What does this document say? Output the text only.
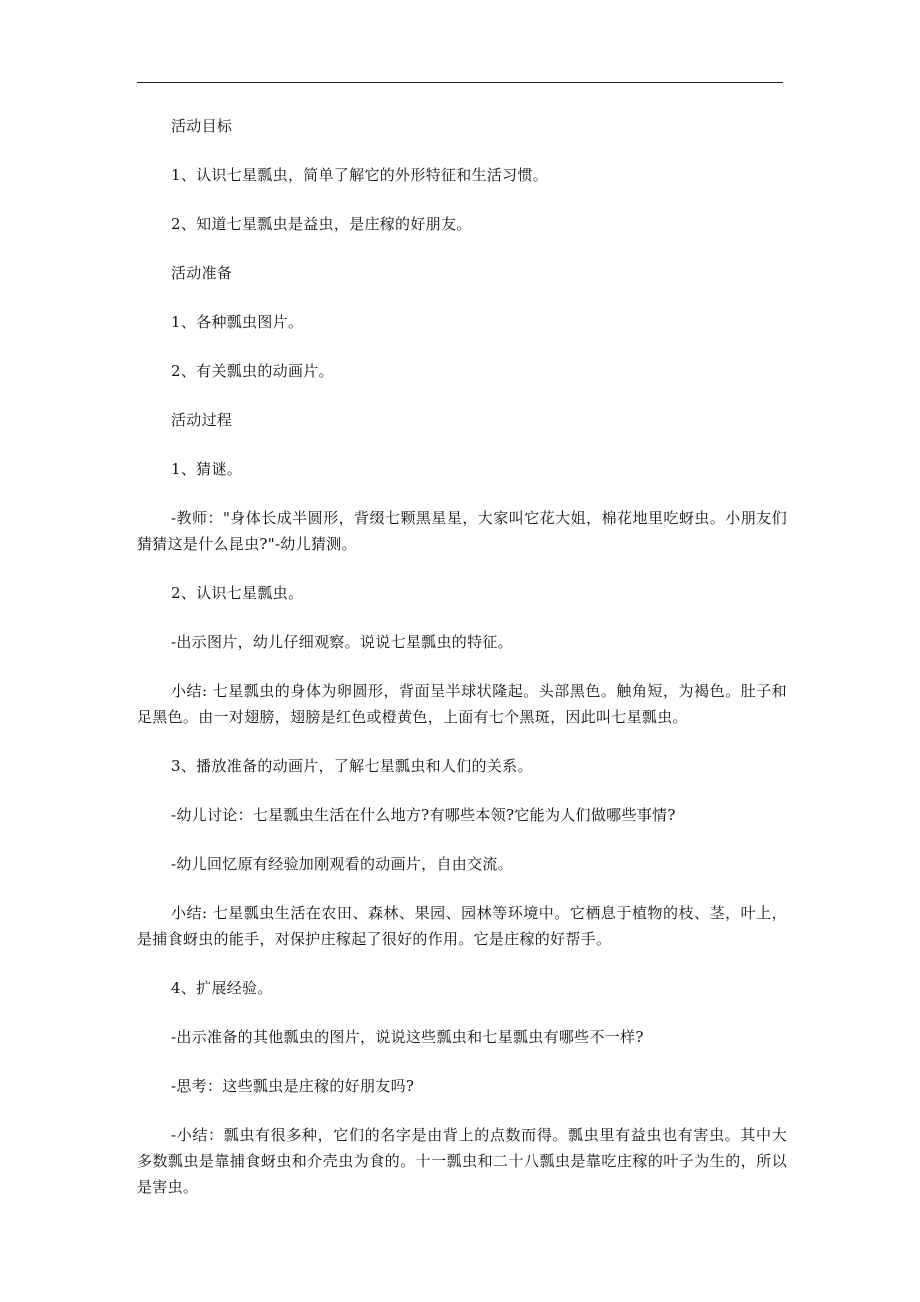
活动目标

1、认识七星瓢虫，简单了解它的外形特征和生活习惯。

2、知道七星瓢虫是益虫，是庄稼的好朋友。

活动准备

1、各种瓢虫图片。

2、有关瓢虫的动画片。

活动过程

1、猜谜。

-教师："身体长成半圆形，背缀七颗黑星星，大家叫它花大姐，棉花地里吃蚜虫。小朋友们猜猜这是什么昆虫?"-幼儿猜测。

2、认识七星瓢虫。

-出示图片，幼儿仔细观察。说说七星瓢虫的特征。

小结: 七星瓢虫的身体为卵圆形，背面呈半球状隆起。头部黑色。触角短，为褐色。肚子和足黑色。由一对翅膀，翅膀是红色或橙黄色，上面有七个黑斑，因此叫七星瓢虫。

3、播放准备的动画片，了解七星瓢虫和人们的关系。

-幼儿讨论：七星瓢虫生活在什么地方?有哪些本领?它能为人们做哪些事情?

-幼儿回忆原有经验加刚观看的动画片，自由交流。

小结: 七星瓢虫生活在农田、森林、果园、园林等环境中。它栖息于植物的枝、茎，叶上，是捕食蚜虫的能手，对保护庄稼起了很好的作用。它是庄稼的好帮手。

4、扩展经验。

-出示准备的其他瓢虫的图片，说说这些瓢虫和七星瓢虫有哪些不一样?

-思考：这些瓢虫是庄稼的好朋友吗?

-小结：瓢虫有很多种，它们的名字是由背上的点数而得。瓢虫里有益虫也有害虫。其中大多数瓢虫是靠捕食蚜虫和介壳虫为食的。十一瓢虫和二十八瓢虫是靠吃庄稼的叶子为生的，所以是害虫。
